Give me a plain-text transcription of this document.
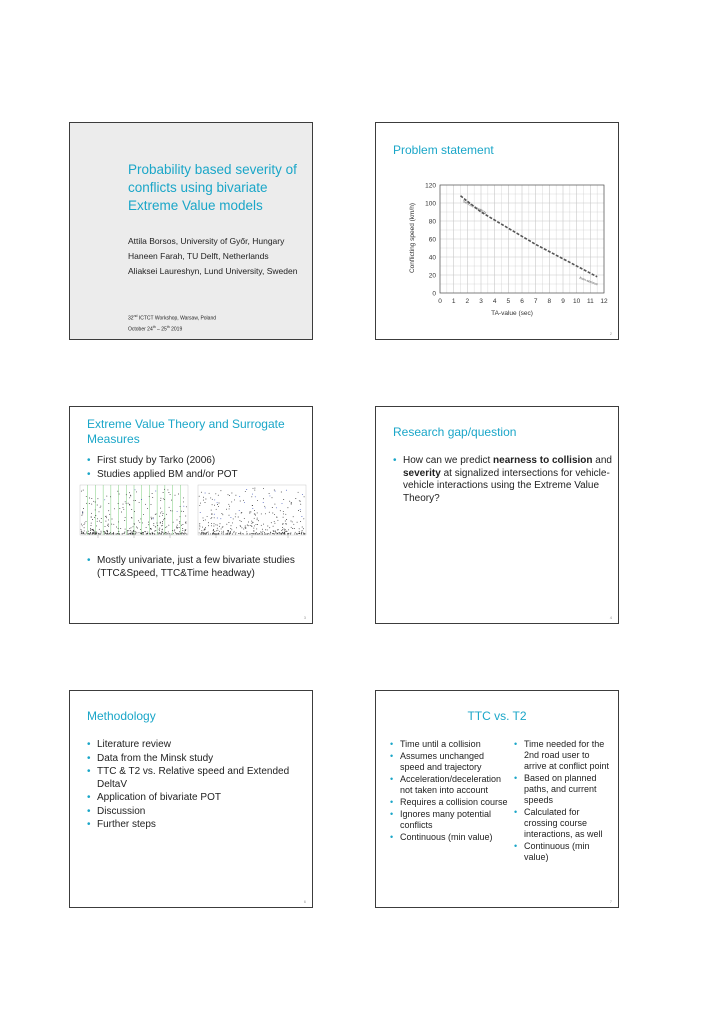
Probability based severity of conflicts using bivariate Extreme Value models
Attila Borsos, University of Győr, Hungary
Haneen Farah, TU Delft, Netherlands
Aliaksei Laureshyn, Lund University, Sweden
32nd ICTCT Workshop, Warsaw, Poland
October 24th – 25th 2019
Problem statement
Serious conflicts
Non-serious
0
20
40
60
80
100
120
0 1 2 3 4 5 6 7 8 9 10 11 12
Conflicting speed (km/h)
TA-value (sec)
2
Extreme Value Theory and Surrogate Measures
• First study by Tarko (2006)
• Studies applied BM and/or POT
• Mostly univariate, just a few bivariate studies (TTC&Speed, TTC&Time headway)
3
Research gap/question
• How can we predict nearness to collision and severity at signalized intersections for vehicle-vehicle interactions using the Extreme Value Theory?
4
Methodology
• Literature review
• Data from the Minsk study
• TTC & T2 vs. Relative speed and Extended DeltaV
• Application of bivariate POT
• Discussion
• Further steps
6
TTC vs. T2
• Time until a collision
• Assumes unchanged speed and trajectory
• Acceleration/deceleration not taken into account
• Requires a collision course
• Ignores many potential conflicts
• Continuous (min value)
• Time needed for the 2nd road user to arrive at conflict point
• Based on planned paths, and current speeds
• Calculated for crossing course interactions, as well
• Continuous (min value)
7
